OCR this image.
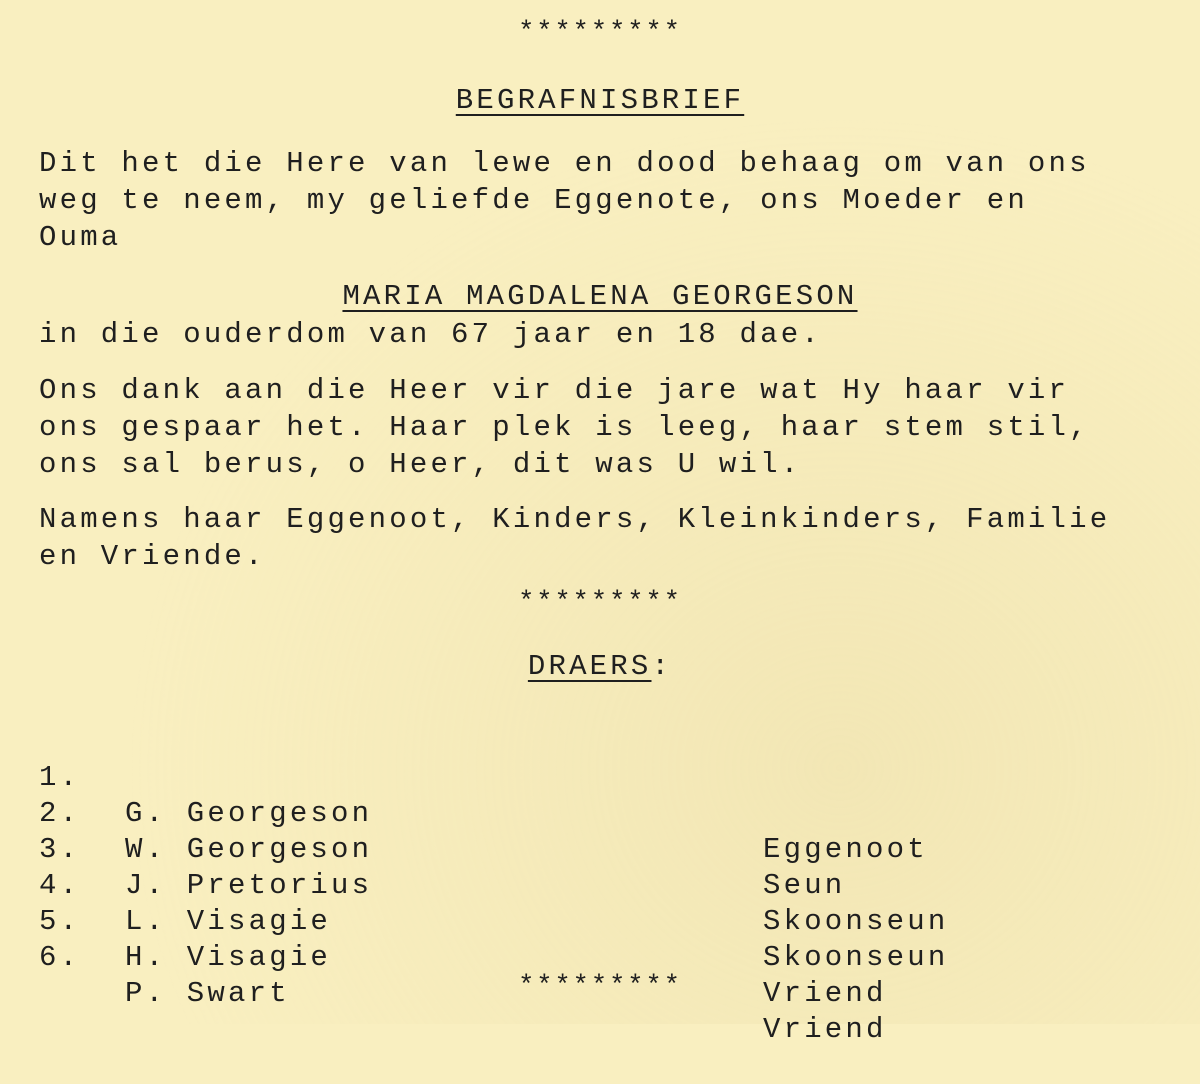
*********
BEGRAFNISBRIEF
Dit het die Here van lewe en dood behaag om van ons
weg te neem, my geliefde Eggenote, ons Moeder en
Ouma
MARIA MAGDALENA GEORGESON
in die ouderdom van 67 jaar en 18 dae.
Ons dank aan die Heer vir die jare wat Hy haar vir
ons gespaar het. Haar plek is leeg, haar stem stil,
ons sal berus, o Heer, dit was U wil.
Namens haar Eggenoot, Kinders, Kleinkinders, Familie
en Vriende.
*********
DRAERS:

1.

G. Georgeson

Eggenoot

2.

W. Georgeson

Seun

3.

J. Pretorius

Skoonseun

4.

L. Visagie

Skoonseun

5.

H. Visagie

Vriend

6.

P. Swart

Vriend

*********
